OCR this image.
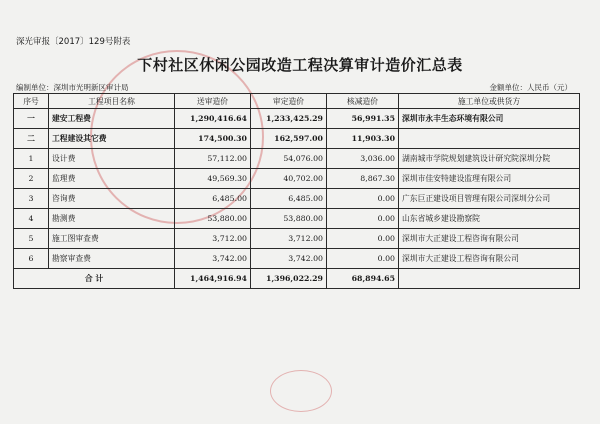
深光审报〔2017〕129号附表
下村社区休闲公园改造工程决算审计造价汇总表
编制单位：深圳市光明新区审计局	金额单位：人民币（元）
序号	工程项目名称	送审造价	审定造价	核减造价	施工单位或供货方
一	建安工程费	1,290,416.64	1,233,425.29	56,991.35	深圳市永丰生态环境有限公司
二	工程建设其它费	174,500.30	162,597.00	11,903.30	
1	设计费	57,112.00	54,076.00	3,036.00	湖南城市学院规划建筑设计研究院深圳分院
2	监理费	49,569.30	40,702.00	8,867.30	深圳市佳安特建设监理有限公司
3	咨询费	6,485.00	6,485.00	0.00	广东巨正建设项目管理有限公司深圳分公司
4	勘测费	53,880.00	53,880.00	0.00	山东省城乡建设勘察院
5	施工图审查费	3,712.00	3,712.00	0.00	深圳市大正建设工程咨询有限公司
6	勘察审查费	3,742.00	3,742.00	0.00	深圳市大正建设工程咨询有限公司
合 计		1,464,916.94	1,396,022.29	68,894.65	
